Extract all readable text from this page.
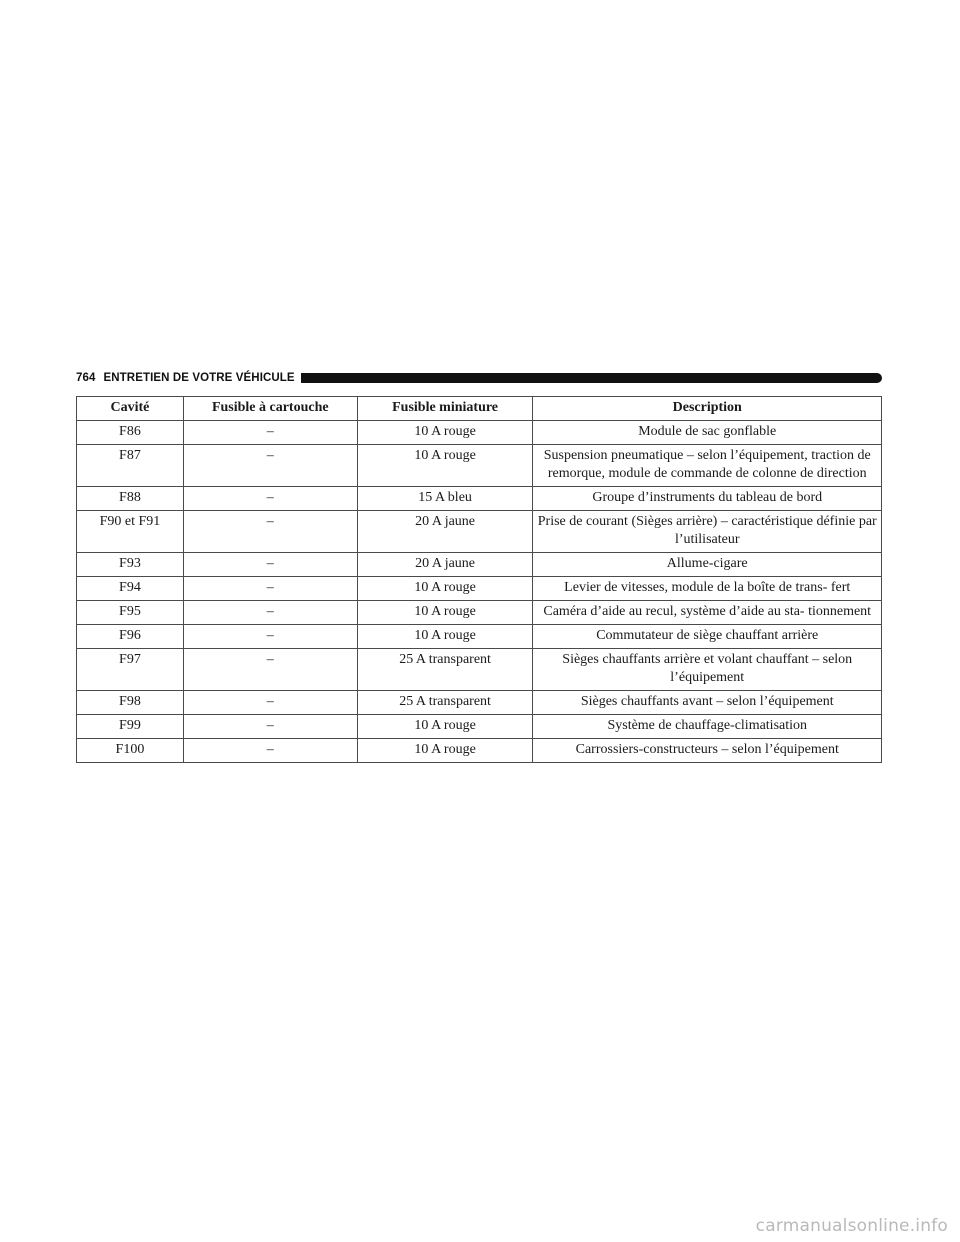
764 ENTRETIEN DE VOTRE VÉHICULE
Cavité	Fusible à cartouche	Fusible miniature	Description
F86	–	10 A rouge	Module de sac gonflable
F87	–	10 A rouge	Suspension pneumatique – selon l’équipement, traction de remorque, module de commande de colonne de direction
F88	–	15 A bleu	Groupe d’instruments du tableau de bord
F90 et F91	–	20 A jaune	Prise de courant (Sièges arrière) – caractéristique définie par l’utilisateur
F93	–	20 A jaune	Allume-cigare
F94	–	10 A rouge	Levier de vitesses, module de la boîte de trans- fert
F95	–	10 A rouge	Caméra d’aide au recul, système d’aide au sta- tionnement
F96	–	10 A rouge	Commutateur de siège chauffant arrière
F97	–	25 A transparent	Sièges chauffants arrière et volant chauffant – selon l’équipement
F98	–	25 A transparent	Sièges chauffants avant – selon l’équipement
F99	–	10 A rouge	Système de chauffage-climatisation
F100	–	10 A rouge	Carrossiers-constructeurs – selon l’équipement
carmanualsonline.info
